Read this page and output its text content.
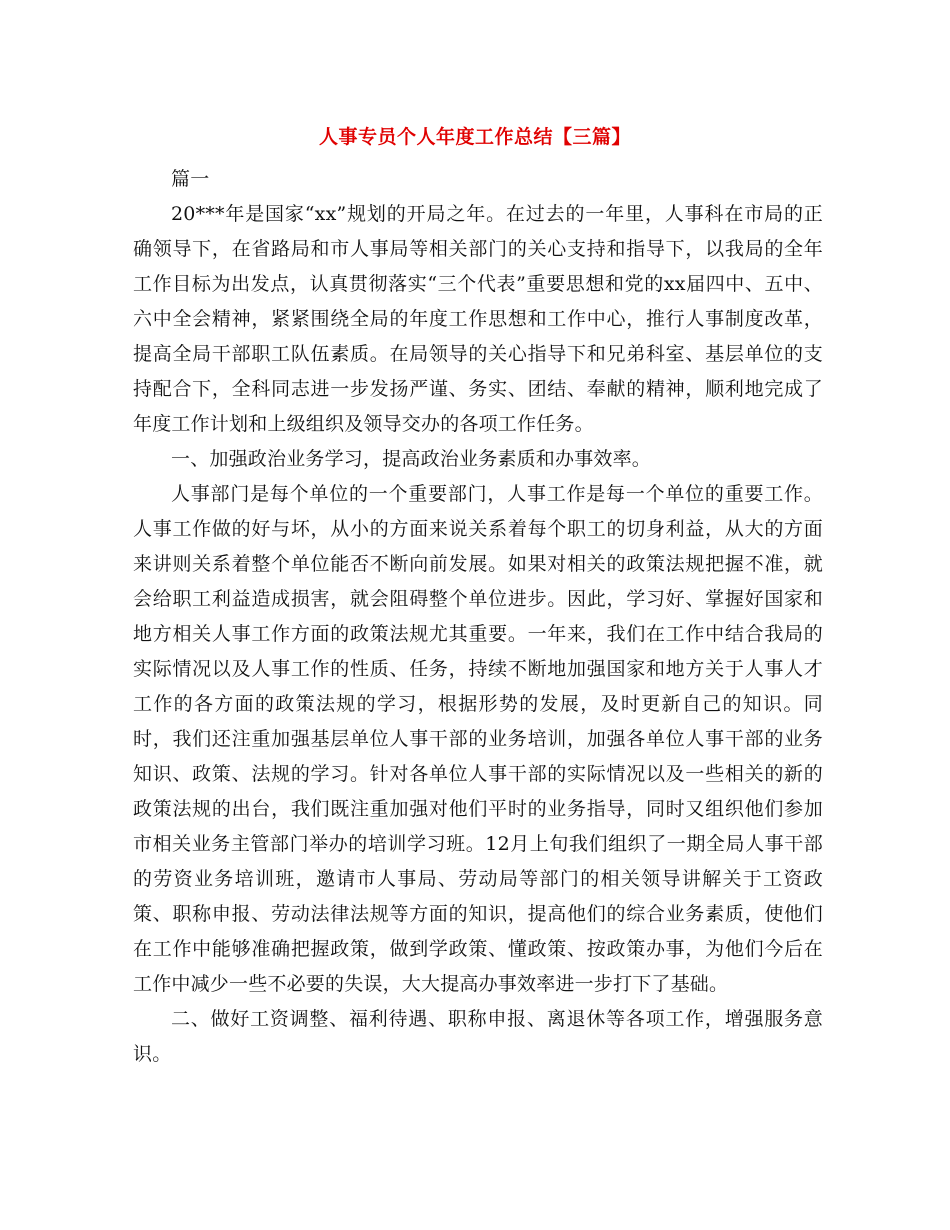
人事专员个人年度工作总结【三篇】

篇一

20***年是国家“xx”规划的开局之年。在过去的一年里，人事科在市局的正确领导下，在省路局和市人事局等相关部门的关心支持和指导下，以我局的全年工作目标为出发点，认真贯彻落实“三个代表”重要思想和党的xx届四中、五中、六中全会精神，紧紧围绕全局的年度工作思想和工作中心，推行人事制度改革，提高全局干部职工队伍素质。在局领导的关心指导下和兄弟科室、基层单位的支持配合下，全科同志进一步发扬严谨、务实、团结、奉献的精神，顺利地完成了年度工作计划和上级组织及领导交办的各项工作任务。

一、加强政治业务学习，提高政治业务素质和办事效率。

人事部门是每个单位的一个重要部门，人事工作是每一个单位的重要工作。人事工作做的好与坏，从小的方面来说关系着每个职工的切身利益，从大的方面来讲则关系着整个单位能否不断向前发展。如果对相关的政策法规把握不准，就会给职工利益造成损害，就会阻碍整个单位进步。因此，学习好、掌握好国家和地方相关人事工作方面的政策法规尤其重要。一年来，我们在工作中结合我局的实际情况以及人事工作的性质、任务，持续不断地加强国家和地方关于人事人才工作的各方面的政策法规的学习，根据形势的发展，及时更新自己的知识。同时，我们还注重加强基层单位人事干部的业务培训，加强各单位人事干部的业务知识、政策、法规的学习。针对各单位人事干部的实际情况以及一些相关的新的政策法规的出台，我们既注重加强对他们平时的业务指导，同时又组织他们参加市相关业务主管部门举办的培训学习班。12月上旬我们组织了一期全局人事干部的劳资业务培训班，邀请市人事局、劳动局等部门的相关领导讲解关于工资政策、职称申报、劳动法律法规等方面的知识，提高他们的综合业务素质，使他们在工作中能够准确把握政策，做到学政策、懂政策、按政策办事，为他们今后在工作中减少一些不必要的失误，大大提高办事效率进一步打下了基础。

二、做好工资调整、福利待遇、职称申报、离退休等各项工作，增强服务意识。
